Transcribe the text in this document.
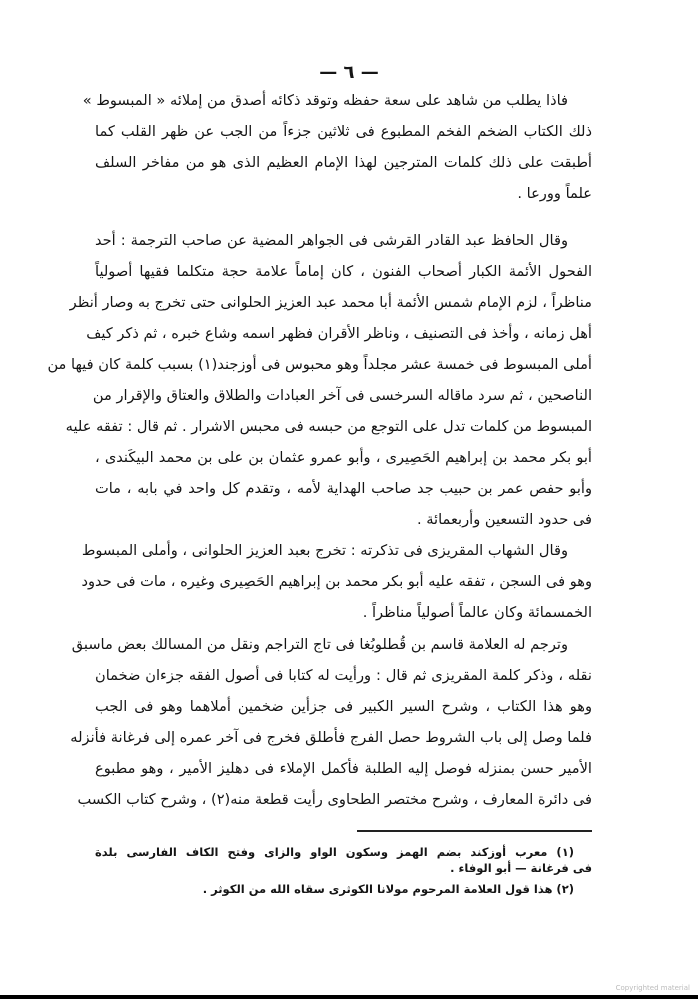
— ٦ —
فاذا يطلب من شاهد على سعة حفظه وتوقد ذكائه أصدق من إملائه « المبسوط »
ذلك الكتاب الضخم الفخم المطبوع فى ثلاثين جزءاً من الجب عن ظهر القلب كما
أطبقت على ذلك كلمات المترجين لهذا الإمام العظيم الذى هو من مفاخر السلف
علماً وورعا .
وقال الحافظ عبد القادر القرشى فى الجواهر المضية عن صاحب الترجمة : أحد
الفحول الأئمة الكبار أصحاب الفنون ، كان إماماً علامة حجة متكلما فقيها أصولياً
مناظراً ، لزم الإمام شمس الأئمة أبا محمد عبد العزيز الحلوانى حتى تخرج به وصار أنظر
أهل زمانه ، وأخذ فى التصنيف ، وناظر الأقران فظهر اسمه وشاع خبره ، ثم ذكر كيف
أملى المبسوط فى خمسة عشر مجلداً وهو محبوس فى أوزجند(١) بسبب كلمة كان فيها من
الناصحين ، ثم سرد ماقاله السرخسى فى آخر العبادات والطلاق والعتاق والإقرار من
المبسوط من كلمات تدل على التوجع من حبسه فى محبس الاشرار . ثم قال : تفقه عليه
أبو بكر محمد بن إبراهيم الحَصِيرى ، وأبو عمرو عثمان بن على بن محمد البيكَندى ،
وأبو حفص عمر بن حبيب جد صاحب الهداية لأمه ، وتقدم كل واحد في بابه ، مات
فى حدود التسعين وأربعمائة .
وقال الشهاب المقريزى فى تذكرته : تخرج بعبد العزيز الحلوانى ، وأملى المبسوط
وهو فى السجن ، تفقه عليه أبو بكر محمد بن إبراهيم الحَصِيرى وغيره ، مات فى حدود
الخمسمائة وكان عالماً أصولياً مناظراً .
وترجم له العلامة قاسم بن قُطلوبُغا فى تاج التراجم ونقل من المسالك بعض ماسبق
نقله ، وذكر كلمة المقريزى ثم قال : ورأيت له كتابا فى أصول الفقه جزءان ضخمان
وهو هذا الكتاب ، وشرح السير الكبير فى جزأين ضخمين أملاهما وهو فى الجب
فلما وصل إلى باب الشروط حصل الفرج فأطلق فخرج فى آخر عمره إلى فرغانة فأنزله
الأمير حسن بمنزله فوصل إليه الطلبة فأكمل الإملاء فى دهليز الأمير ، وهو مطبوع
فى دائرة المعارف ، وشرح مختصر الطحاوى رأيت قطعة منه(٢) ، وشرح كتاب الكسب
(١) معرب أوزكند بضم الهمز وسكون الواو والزاى وفتح الكاف الفارسى بلدة
فى فرغانة — أبو الوفاء .
(٢) هذا قول العلامة المرحوم مولانا الكوثرى سقاه الله من الكوثر .
Copyrighted material
